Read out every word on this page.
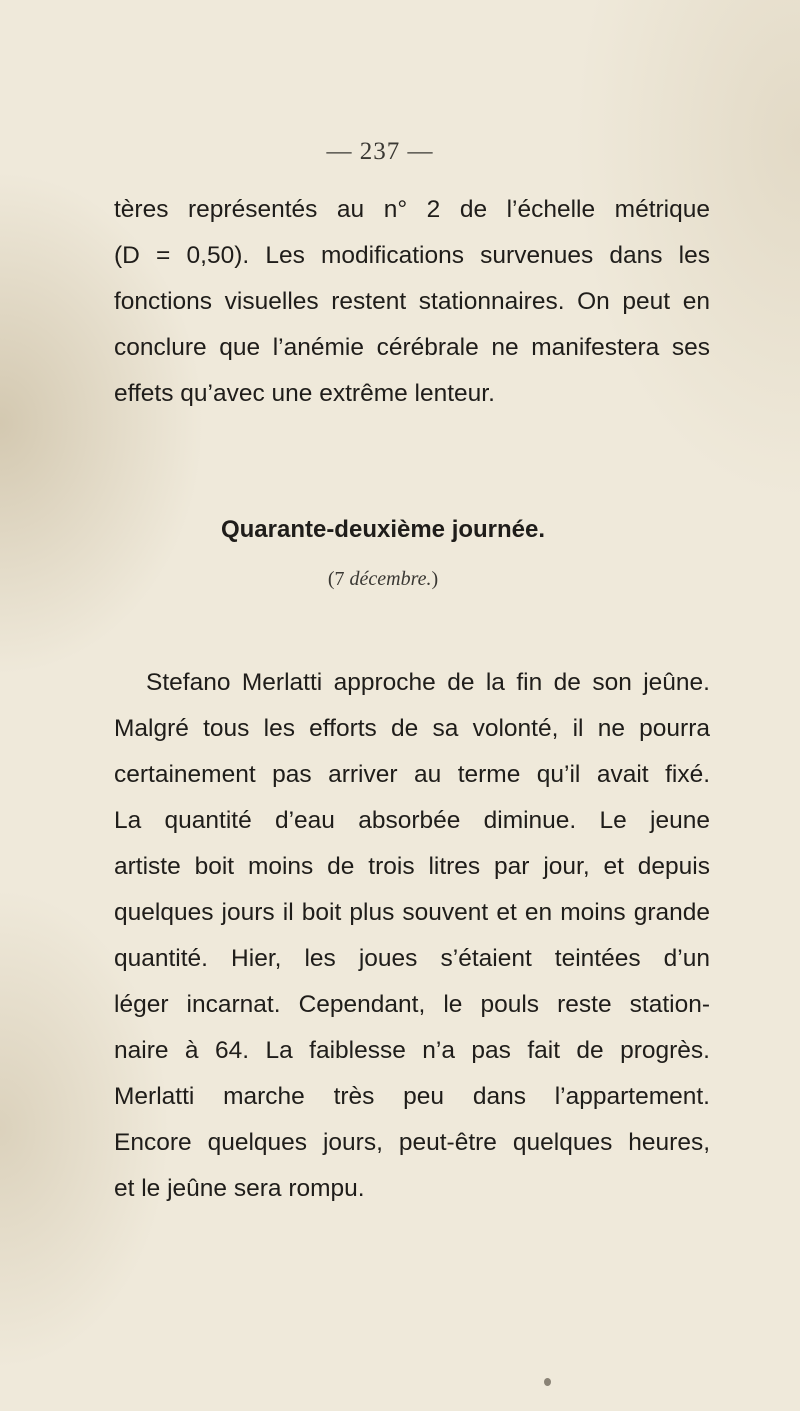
— 237 —
tères représentés au n° 2 de l’échelle métrique
(D = 0,50). Les modifications survenues dans les
fonctions visuelles restent stationnaires. On peut en
conclure que l’anémie cérébrale ne manifestera ses
effets qu’avec une extrême lenteur.
Quarante-deuxième journée.
(7 décembre.)
Stefano Merlatti approche de la fin de son jeûne.
Malgré tous les efforts de sa volonté, il ne pourra
certainement pas arriver au terme qu’il avait fixé.
La quantité d’eau absorbée diminue. Le jeune
artiste boit moins de trois litres par jour, et depuis
quelques jours il boit plus souvent et en moins grande
quantité. Hier, les joues s’étaient teintées d’un
léger incarnat. Cependant, le pouls reste station-
naire à 64. La faiblesse n’a pas fait de progrès.
Merlatti marche très peu dans l’appartement.
Encore quelques jours, peut-être quelques heures,
et le jeûne sera rompu.
